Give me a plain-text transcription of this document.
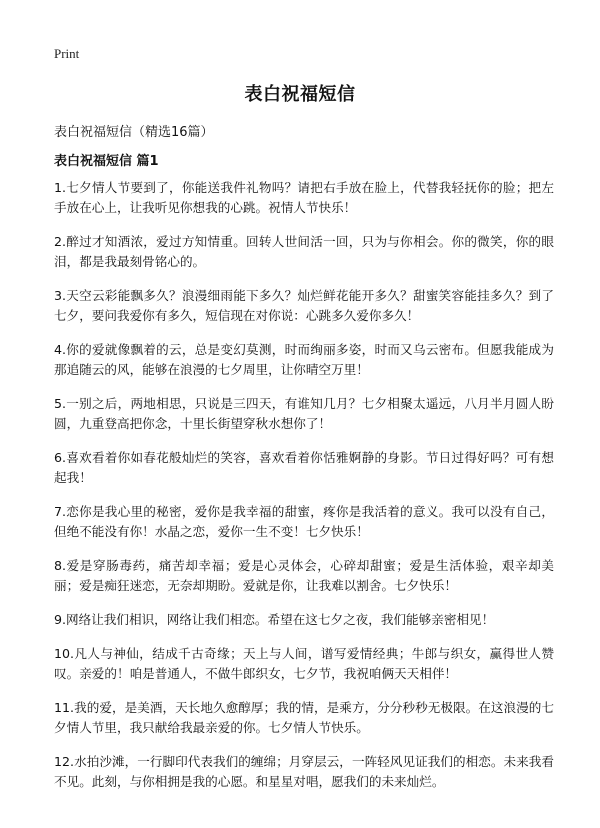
Print
表白祝福短信

表白祝福短信（精选16篇）

表白祝福短信 篇1
1.七夕情人节要到了，你能送我件礼物吗？请把右手放在脸上，代替我轻抚你的脸；把左手放在心上，让我听见你想我的心跳。祝情人节快乐！
2.醉过才知酒浓，爱过方知情重。回转人世间活一回，只为与你相会。你的微笑，你的眼泪，都是我最刻骨铭心的。
3.天空云彩能飘多久？浪漫细雨能下多久？灿烂鲜花能开多久？甜蜜笑容能挂多久？到了七夕，要问我爱你有多久，短信现在对你说：心跳多久爱你多久！
4.你的爱就像飘着的云，总是变幻莫测，时而绚丽多姿，时而又乌云密布。但愿我能成为那追随云的风，能够在浪漫的七夕周里，让你晴空万里！
5.一别之后，两地相思，只说是三四天，有谁知几月？七夕相聚太遥远，八月半月圆人盼圆，九重登高把你念，十里长街望穿秋水想你了！
6.喜欢看着你如春花般灿烂的笑容，喜欢看着你恬雅婀静的身影。节日过得好吗？可有想起我！
7.恋你是我心里的秘密，爱你是我幸福的甜蜜，疼你是我活着的意义。我可以没有自己，但绝不能没有你！水晶之恋，爱你一生不变！七夕快乐！
8.爱是穿肠毒药，痛苦却幸福；爱是心灵体会，心碎却甜蜜；爱是生活体验，艰辛却美丽；爱是痴狂迷恋，无奈却期盼。爱就是你，让我难以割舍。七夕快乐！
9.网络让我们相识，网络让我们相恋。希望在这七夕之夜，我们能够亲密相见！
10.凡人与神仙，结成千古奇缘；天上与人间，谱写爱情经典；牛郎与织女，赢得世人赞叹。亲爱的！咱是普通人，不做牛郎织女，七夕节，我祝咱俩天天相伴！
11.我的爱，是美酒，天长地久愈醇厚；我的情，是乘方，分分秒秒无极限。在这浪漫的七夕情人节里，我只献给我最亲爱的你。七夕情人节快乐。
12.水拍沙滩，一行脚印代表我们的缠绵；月穿层云，一阵轻风见证我们的相恋。未来我看不见。此刻，与你相拥是我的心愿。和星星对唱，愿我们的未来灿烂。
